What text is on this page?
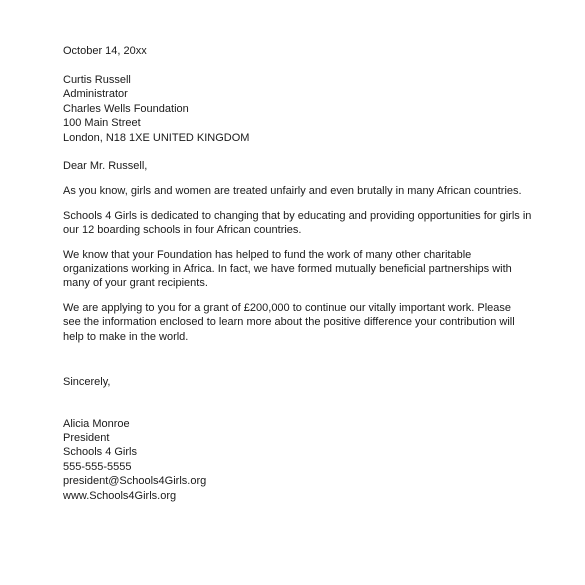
October 14, 20xx
Curtis Russell
Administrator
Charles Wells Foundation
100 Main Street
London, N18 1XE UNITED KINGDOM
Dear Mr. Russell,
As you know, girls and women are treated unfairly and even brutally in many African countries.
Schools 4 Girls is dedicated to changing that by educating and providing opportunities for girls in
our 12 boarding schools in four African countries.
We know that your Foundation has helped to fund the work of many other charitable
organizations working in Africa. In fact, we have formed mutually beneficial partnerships with
many of your grant recipients.
We are applying to you for a grant of £200,000 to continue our vitally important work. Please
see the information enclosed to learn more about the positive difference your contribution will
help to make in the world.
Sincerely,
Alicia Monroe
President
Schools 4 Girls
555-555-5555
president@Schools4Girls.org
www.Schools4Girls.org
